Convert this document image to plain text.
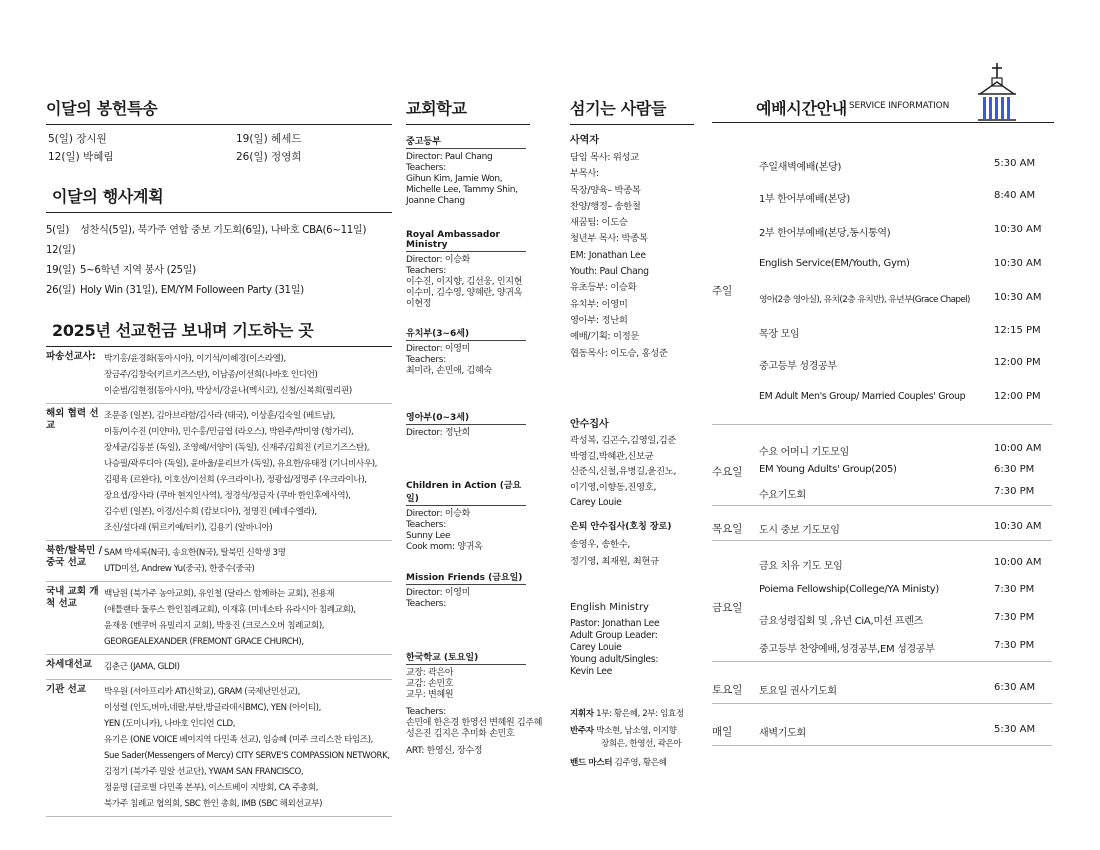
이달의 봉헌특송
5(일) 장시원	19(일) 헤세드
12(일) 박혜림	26(일) 정영희
이달의 행사계획
5(일)	성찬식(5일), 북가주 연합 중보 기도회(6일), 나바호 CBA(6~11일)
12(일)
19(일) 5~6학년 지역 봉사 (25일)
26(일) Holy Win (31일), EM/YM Folloween Party (31일)
2025년 선교헌금 보내며 기도하는 곳
파송선교사: 박기홍/윤경화(동아시아), 이기석/이혜경(이스라엘),
장금주/김창숙(키르키즈스탄), 이남종/이선희(나바호 인디언)
이순범/김현정(동아시아), 박상서/강윤나(멕시코), 신철/신복희(필리핀)
해외 협력 선교
조문종 (일본), 김아브라함/김사라 (태국), 이상훈/김숙일 (베트남),
이동/이수진 (미얀마), 민수홍/민금엽 (라오스), 박완주/박미영 (헝가리),
장세균/김동분 (독일), 조영혜/서양이 (독일), 신재주/김희진 (키르기즈스탄),
나승필/곽루디아 (독일), 윤바울/윤리브가 (독일), 유요한/유태정 (기니비사우),
김평육 (르완다), 이호선/이선희 (우크라이나), 정광섭/정명주 (우크라이나),
장요셉/장사라 (쿠바 현지인사역), 정경석/정금자 (쿠바 한인후예사역),
김수빈 (일본), 이경/신수희 (캄보디아), 정명진 (베네수엘라),
조신/설다래 (튀르키예/터키), 김용기 (알바니아)
북한/탈북민 /중국 선교
SAM 박세록(N국), 송요한(N국), 탈북민 신학생 3명
UTD미션, Andrew Yu(중국), 한중수(중국)
국내 교회 개척 선교
백남원 (북가주 농아교회), 유인철 (달라스 함께하는 교회), 전용재
(애틀랜타 둘루스 한인침례교회), 이재휴 (미네소타 유라시아 침례교회),
윤재웅 (벤쿠버 유빌리지 교회), 박웅진 (크로스오버 침례교회),
GEORGEALEXANDER (FREMONT GRACE CHURCH),
차세대선교	김춘근 (JAMA, GLDI)
기관 선교	박우원 (서아프리카 ATI신학교), GRAM (국제난민선교),
이성렬 (인도,버마,네팔,부탄,방글라데시BMC), YEN (아이티),
YEN (도미니카), 나바호 인디언 CLD,
유기은 (ONE VOICE 베이지역 다민족 선교), 임승혜 (미주 크리스찬 타임즈),
Sue Sader(Messengers of Mercy) CITY SERVE'S COMPASSION NETWORK,
김정기 (북가주 밀알 선교단), YWAM SAN FRANCISCO,
정윤명 (글로벌 다민족 본부), 이스트베이 지방회, CA 주총회,
북가주 침례교 협의회, SBC 한인 총회, IMB (SBC 해외선교부)
교회학교
중고등부
Director: Paul Chang
Teachers:
Gihun Kim, Jamie Won,
Michelle Lee, Tammy Shin,
Joanne Chang
Royal Ambassador Ministry
Director: 이승화
Teachers:
이수진, 이지향, 김선웅, 인지현
이수미, 김수영, 양혜란, 양귀옥
이현정
유치부(3~6세)
Director: 이영미
Teachers:
최미라, 손민애, 김혜숙
영아부(0~3세)
Director: 정난희
Children in Action (금요일)
Director: 이승화
Teachers:
Sunny Lee
Cook mom: 양귀옥
Mission Friends (금요일)
Director: 이영미
Teachers:
한국학교 (토요일)
교장: 곽은아
교감: 손민호
교무: 변혜원
Teachers:
손민애 한은경 한영선 변혜원 김주혜
성은진 김지은 추미화 손민호
ART: 한영신, 장수정
섬기는 사람들
사역자
담임 목사: 위성교
부목사:
목장/양육– 박종복
찬양/행정– 송한철
새꿈팀: 이도승
청년부 목사: 박종복
EM: Jonathan Lee
Youth: Paul Chang
유초등부: 이승화
유치부: 이영미
영아부: 정난희
예배/기획: 이정문
협동목사: 이도승, 홍성준
안수집사
곽성복, 김곤수,김영일,김준
박영길,박혜관,신보균
신준식,신철,유병길,윤진노,
이기영,이향동,진영호,
Carey Louie
은퇴 안수집사(호칭 장로)
송영우, 송한수,
정기영, 최재원, 최현규
English Ministry
Pastor: Jonathan Lee
Adult Group Leader:
Carey Louie
Young adult/Singles:
Kevin Lee
지휘자 1부: 황은혜, 2부: 임효정
반주자 박소현, 남소영, 이지향
장희은, 한영선, 곽은아
밴드 마스터 김주영, 황은혜
예배시간안내 SERVICE INFORMATION
주일
주일새벽예배(본당)	5:30 AM
1부 한어부예배(본당)	8:40 AM
2부 한어부예배(본당,동시통역)	10:30 AM
English Service(EM/Youth, Gym)	10:30 AM
영아(2층 영아실), 유치(2층 유치반), 유년부(Grace Chapel) 10:30 AM
목장 모임	12:15 PM
중고등부 성경공부	12:00 PM
EM Adult Men's Group/ Married Couples' Group	12:00 PM
수요일
수요 어머니 기도모임	10:00 AM
EM Young Adults' Group(205)	6:30 PM
수요기도회	7:30 PM
목요일 도시 중보 기도모임	10:30 AM
금요일
금요 치유 기도 모임	10:00 AM
Poiema Fellowship(College/YA Ministy)	7:30 PM
금요성령집회 및 ,유년 CiA,미션 프렌즈	7:30 PM
중고등부 찬양예배,성경공부,EM 성경공부	7:30 PM
토요일 토요일 권사기도회	6:30 AM
매일	새벽기도회	5:30 AM
